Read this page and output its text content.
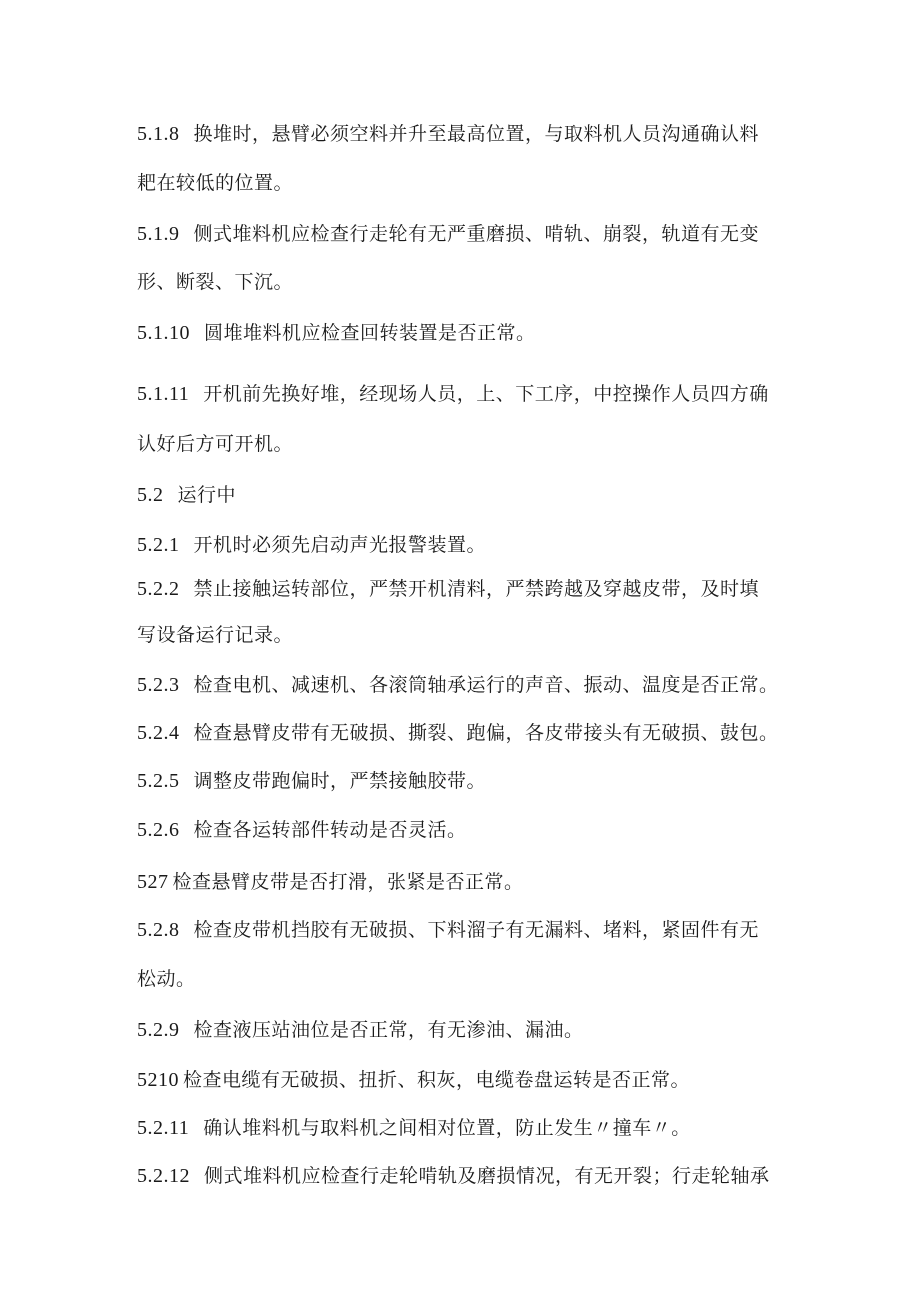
5.1.8 换堆时，悬臂必须空料并升至最高位置，与取料机人员沟通确认料
耙在较低的位置。
5.1.9 侧式堆料机应检查行走轮有无严重磨损、啃轨、崩裂，轨道有无变
形、断裂、下沉。
5.1.10 圆堆堆料机应检查回转装置是否正常。
5.1.11 开机前先换好堆，经现场人员，上、下工序，中控操作人员四方确
认好后方可开机。
5.2 运行中
5.2.1 开机时必须先启动声光报警装置。
5.2.2 禁止接触运转部位，严禁开机清料，严禁跨越及穿越皮带，及时填
写设备运行记录。
5.2.3 检查电机、减速机、各滚筒轴承运行的声音、振动、温度是否正常。
5.2.4 检查悬臂皮带有无破损、撕裂、跑偏，各皮带接头有无破损、鼓包。
5.2.5 调整皮带跑偏时，严禁接触胶带。
5.2.6 检查各运转部件转动是否灵活。
527 检查悬臂皮带是否打滑，张紧是否正常。
5.2.8 检查皮带机挡胶有无破损、下料溜子有无漏料、堵料，紧固件有无
松动。
5.2.9 检查液压站油位是否正常，有无渗油、漏油。
5210 检查电缆有无破损、扭折、积灰，电缆卷盘运转是否正常。
5.2.11 确认堆料机与取料机之间相对位置，防止发生〃撞车〃。
5.2.12 侧式堆料机应检查行走轮啃轨及磨损情况，有无开裂；行走轮轴承
